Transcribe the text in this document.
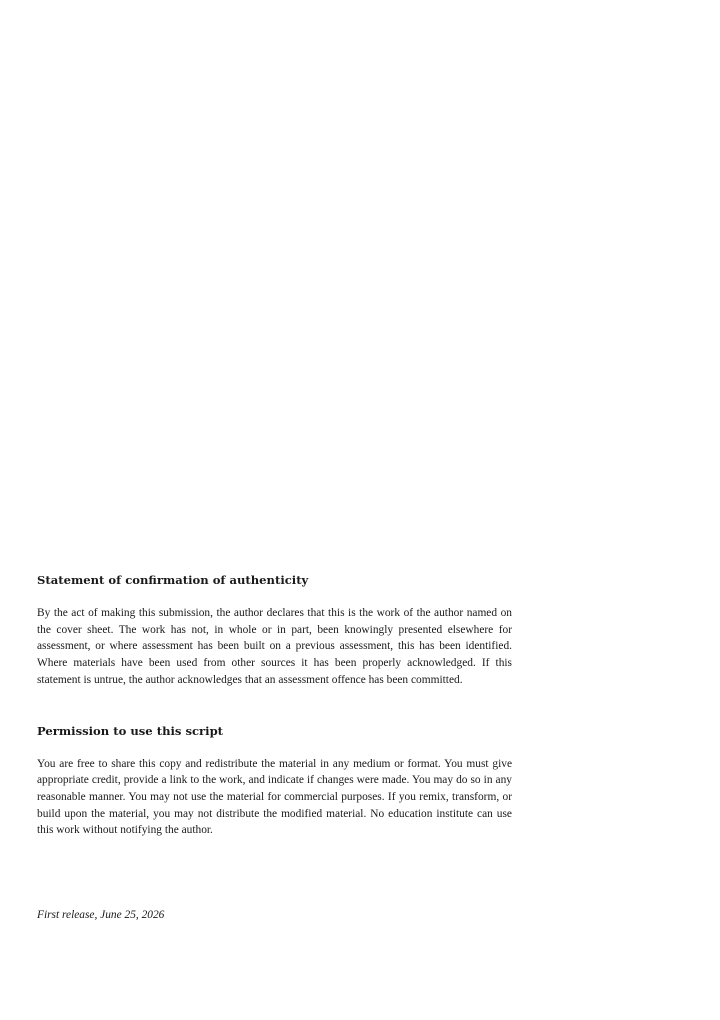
Statement of confirmation of authenticity

By the act of making this submission, the author declares that this is the work of the author named on the cover sheet. The work has not, in whole or in part, been knowingly presented elsewhere for assessment, or where assessment has been built on a previous assessment, this has been identified. Where materials have been used from other sources it has been properly acknowledged. If this statement is untrue, the author acknowledges that an assessment offence has been committed.

Permission to use this script

You are free to share this copy and redistribute the material in any medium or format. You must give appropriate credit, provide a link to the work, and indicate if changes were made. You may do so in any reasonable manner. You may not use the material for commercial purposes. If you remix, transform, or build upon the material, you may not distribute the modified material. No education institute can use this work without notifying the author.

First release, June 25, 2026
